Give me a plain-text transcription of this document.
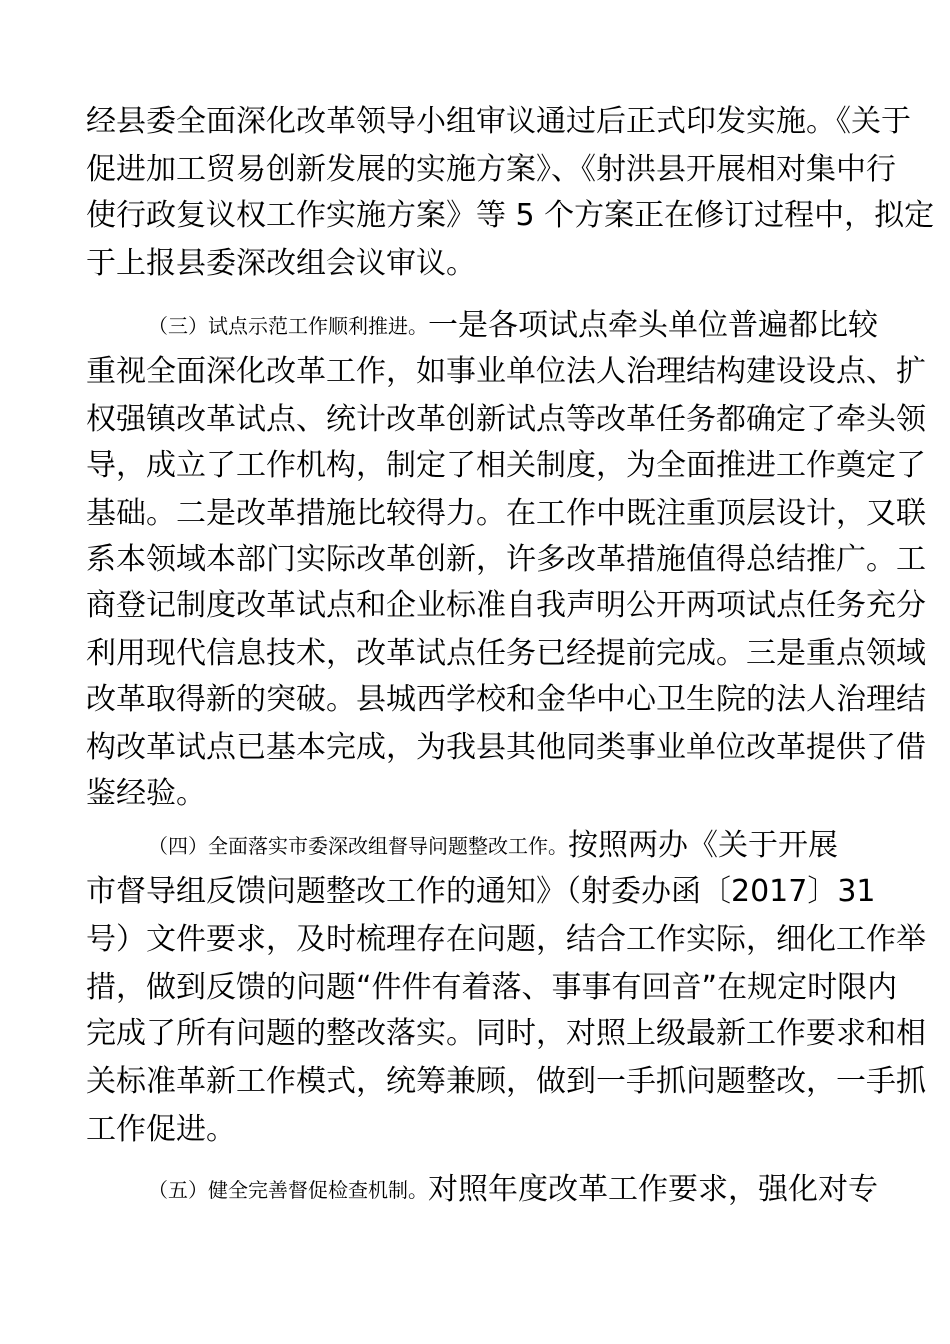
经县委全面深化改革领导小组审议通过后正式印发实施。《关于
促进加工贸易创新发展的实施方案》、《射洪县开展相对集中行
使行政复议权工作实施方案》等 5 个方案正在修订过程中，拟定
于上报县委深改组会议审议。
（三）试点示范工作顺利推进。一是各项试点牵头单位普遍都比较
重视全面深化改革工作，如事业单位法人治理结构建设设点、扩
权强镇改革试点、统计改革创新试点等改革任务都确定了牵头领
导，成立了工作机构，制定了相关制度，为全面推进工作奠定了
基础。二是改革措施比较得力。在工作中既注重顶层设计，又联
系本领域本部门实际改革创新，许多改革措施值得总结推广。工
商登记制度改革试点和企业标准自我声明公开两项试点任务充分
利用现代信息技术，改革试点任务已经提前完成。三是重点领域
改革取得新的突破。县城西学校和金华中心卫生院的法人治理结
构改革试点已基本完成，为我县其他同类事业单位改革提供了借
鉴经验。
（四）全面落实市委深改组督导问题整改工作。按照两办《关于开展
市督导组反馈问题整改工作的通知》（射委办函〔2017〕31
号）文件要求，及时梳理存在问题，结合工作实际，细化工作举
措，做到反馈的问题“件件有着落、事事有回音”在规定时限内
完成了所有问题的整改落实。同时，对照上级最新工作要求和相
关标准革新工作模式，统筹兼顾，做到一手抓问题整改，一手抓
工作促进。
（五）健全完善督促检查机制。对照年度改革工作要求，强化对专
